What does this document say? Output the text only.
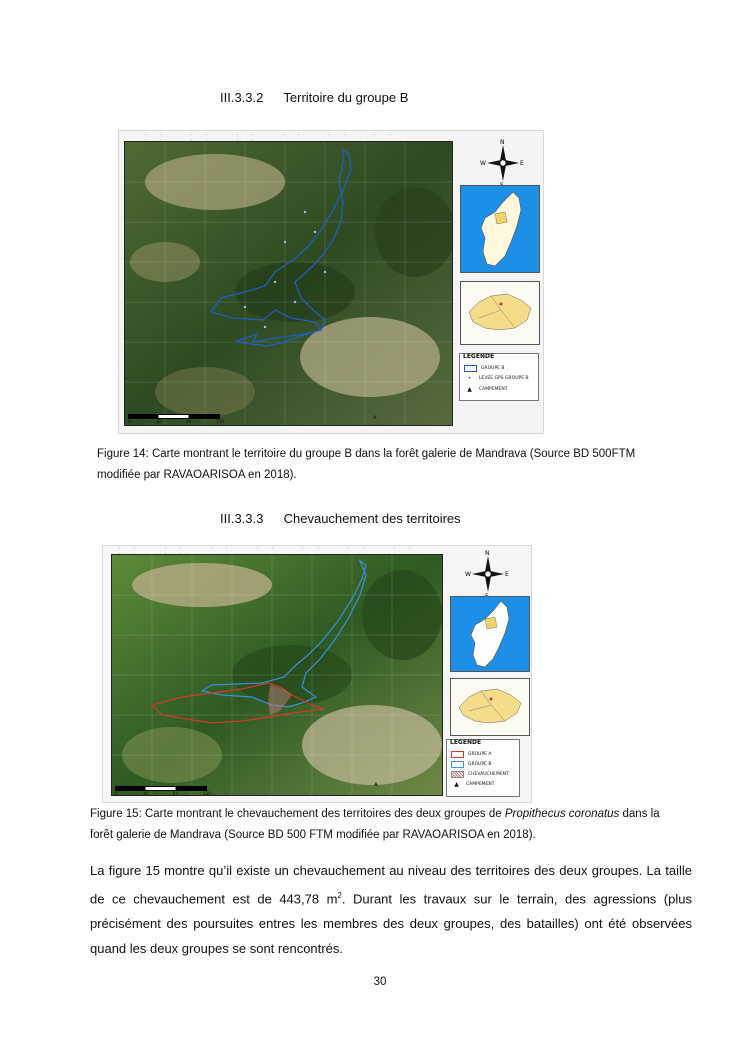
III.3.3.2 Territoire du groupe B
▲
·· ·· ·· ·· ·· ·· ·· ·· ··
0	30	60	120
N
W	E
LEGENDE
GROUPE B
•	LEVEE GPS GROUPE B
▲	CAMPEMENT
Figure 14: Carte montrant le territoire du groupe B dans la forêt galerie de Mandrava (Source BD 500FTM modifiée par RAVAOARISOA en 2018).
III.3.3.3 Chevauchement des territoires
▲
·· ·· ·· ·· ·· ·· ·· ·· ··
0	30	60	120
N
W	E
LEGENDE
GROUPE A
GROUPE B
CHEVAUCHEMENT
▲	CAMPEMENT
Figure 15: Carte montrant le chevauchement des territoires des deux groupes de Propithecus coronatus dans la forêt galerie de Mandrava (Source BD 500 FTM modifiée par RAVAOARISOA en 2018).
La figure 15 montre qu’il existe un chevauchement au niveau des territoires des deux groupes. La taille de ce chevauchement est de 443,78 $m^2$. Durant les travaux sur le terrain, des agressions (plus précisément des poursuites entres les membres des deux groupes, des batailles) ont été observées quand les deux groupes se sont rencontrés.
30
